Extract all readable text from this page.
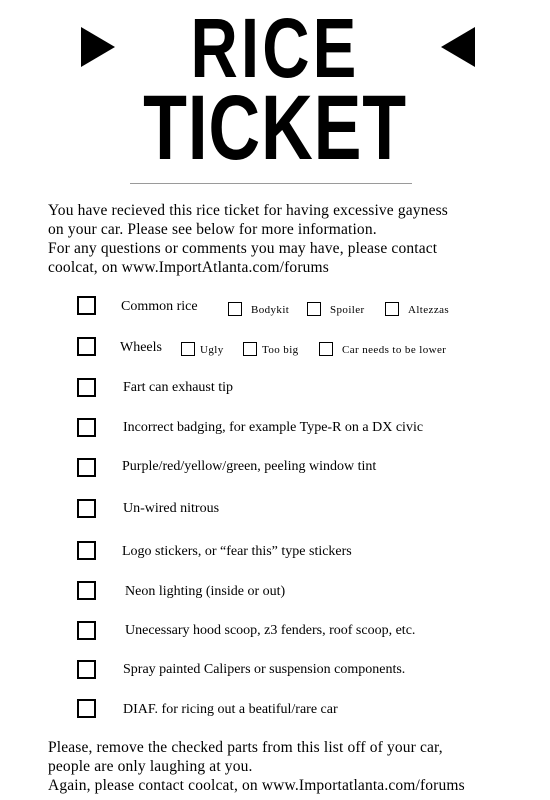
RICE
TICKET
You have recieved this rice ticket for having excessive gayness
on your car. Please see below for more information.
For any questions or comments you may have, please contact
coolcat, on www.ImportAtlanta.com/forums
Common rice	Bodykit	Spoiler	Altezzas
Wheels	Ugly	Too big	Car needs to be lower
Fart can exhaust tip
Incorrect badging, for example Type-R on a DX civic
Purple/red/yellow/green, peeling window tint
Un-wired nitrous
Logo stickers, or “fear this” type stickers
Neon lighting (inside or out)
Unecessary hood scoop, z3 fenders, roof scoop, etc.
Spray painted Calipers or suspension components.
DIAF. for ricing out a beatiful/rare car
Please, remove the checked parts from this list off of your car,
people are only laughing at you.
Again, please contact coolcat, on www.Importatlanta.com/forums
